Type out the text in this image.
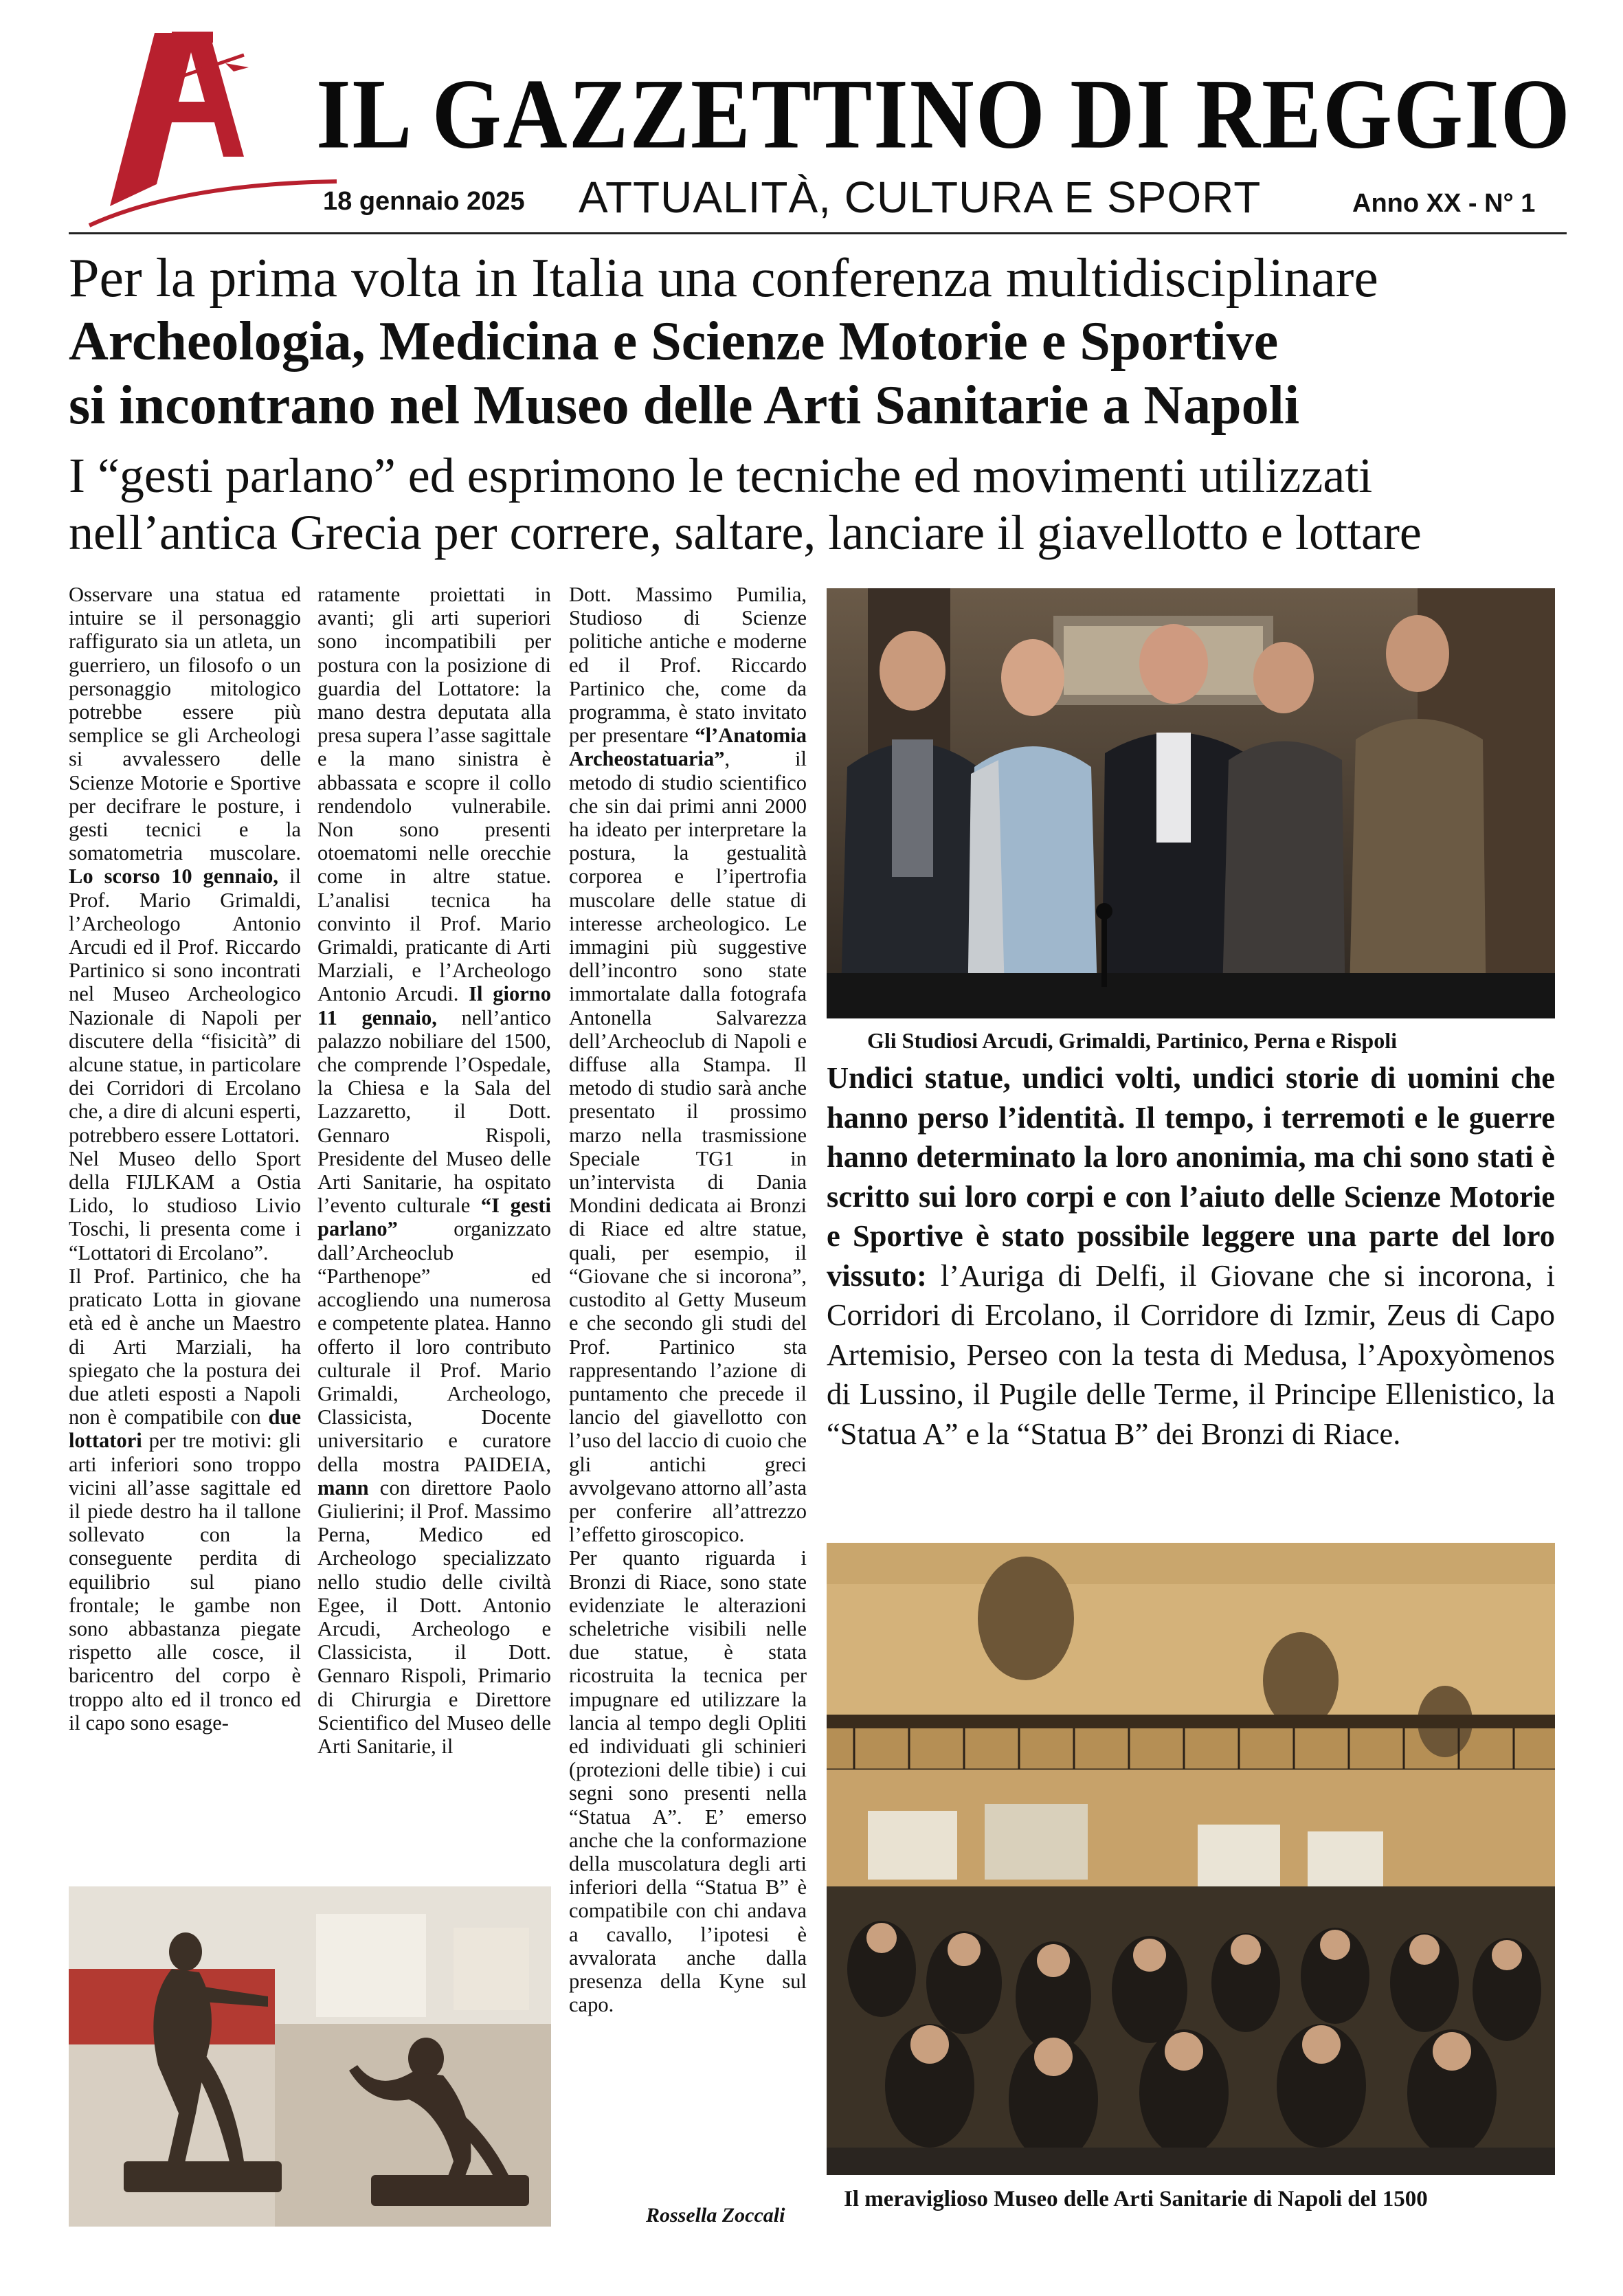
IL GAZZETTINO DI REGGIO
18 gennaio 2025 ATTUALITÀ, CULTURA E SPORT	Anno XX - N° 1
Per la prima volta in Italia una conferenza multidisciplinare
Archeologia, Medicina e Scienze Motorie e Sportive
si incontrano nel Museo delle Arti Sanitarie a Napoli
I “gesti parlano” ed esprimono le tecniche ed movimenti utilizzati
nell’antica Grecia per correre, saltare, lanciare il giavellotto e lottare

Osservare una statua ed intuire se il personaggio raffigurato sia un atleta, un guerriero, un filosofo o un personaggio mitologico potrebbe essere più semplice se gli Archeologi si avvalessero delle Scienze Motorie e Sportive per decifrare le posture, i gesti tecnici e la somatometria muscolare. Lo scorso 10 gennaio, il Prof. Mario Grimaldi, l’Archeologo Antonio Arcudi ed il Prof. Riccardo Partinico si sono incontrati nel Museo Archeologico Nazionale di Napoli per discutere della “fisicità” di alcune statue, in particolare dei Corridori di Ercolano che, a dire di alcuni esperti, potrebbero essere Lottatori.

Nel Museo dello Sport della FIJLKAM a Ostia Lido, lo studioso Livio Toschi, li presenta come i “Lottatori di Ercolano”.

Il Prof. Partinico, che ha praticato Lotta in giovane età ed è anche un Maestro di Arti Marziali, ha spiegato che la postura dei due atleti esposti a Napoli non è compatibile con due lottatori per tre motivi: gli arti inferiori sono troppo vicini all’asse sagittale ed il piede destro ha il tallone sollevato con la conseguente perdita di equilibrio sul piano frontale; le gambe non sono abbastanza piegate rispetto alle cosce, il baricentro del corpo è troppo alto ed il tronco ed il capo sono esage-

ratamente proiettati in avanti; gli arti superiori sono incompatibili per postura con la posizione di guardia del Lottatore: la mano destra deputata alla presa supera l’asse sagittale e la mano sinistra è abbassata e scopre il collo rendendolo vulnerabile. Non sono presenti otoematomi nelle orecchie come in altre statue. L’analisi tecnica ha convinto il Prof. Mario Grimaldi, praticante di Arti Marziali, e l’Archeologo Antonio Arcudi. Il giorno 11 gennaio, nell’antico palazzo nobiliare del 1500, che comprende l’Ospedale, la Chiesa e la Sala del Lazzaretto, il Dott. Gennaro Rispoli, Presidente del Museo delle Arti Sanitarie, ha ospitato l’evento culturale “I gesti parlano” organizzato dall’Archeoclub “Parthenope” ed accogliendo una numerosa e competente platea. Hanno offerto il loro contributo culturale il Prof. Mario Grimaldi, Archeologo, Classicista, Docente universitario e curatore della mostra PAIDEIA, mann con direttore Paolo Giulierini; il Prof. Massimo Perna, Medico ed Archeologo specializzato nello studio delle civiltà Egee, il Dott. Antonio Arcudi, Archeologo e Classicista, il Dott. Gennaro Rispoli, Primario di Chirurgia e Direttore Scientifico del Museo delle Arti Sanitarie, il

Dott. Massimo Pumilia, Studioso di Scienze politiche antiche e moderne ed il Prof. Riccardo Partinico che, come da programma, è stato invitato per presentare “l’Anatomia Archeostatuaria”, il metodo di studio scientifico che sin dai primi anni 2000 ha ideato per interpretare la postura, la gestualità corporea e l’ipertrofia muscolare delle statue di interesse archeologico. Le immagini più suggestive dell’incontro sono state immortalate dalla fotografa Antonella Salvarezza dell’Archeoclub di Napoli e diffuse alla Stampa. Il metodo di studio sarà anche presentato il prossimo marzo nella trasmissione Speciale TG1 in un’intervista di Dania Mondini dedicata ai Bronzi di Riace ed altre statue, quali, per esempio, il “Giovane che si incorona”, custodito al Getty Museum e che secondo gli studi del Prof. Partinico sta rappresentando l’azione di puntamento che precede il lancio del giavellotto con l’uso del laccio di cuoio che gli antichi greci avvolgevano attorno all’asta per conferire all’attrezzo l’effetto giroscopico.

Per quanto riguarda i Bronzi di Riace, sono state evidenziate le alterazioni scheletriche visibili nelle due statue, è stata ricostruita la tecnica per impugnare ed utilizzare la lancia al tempo degli Opliti ed individuati gli schinieri (protezioni delle tibie) i cui segni sono presenti nella “Statua A”. E’ emerso anche che la conformazione della muscolatura degli arti inferiori della “Statua B” è compatibile con chi andava a cavallo, l’ipotesi è avvalorata anche dalla presenza della Kyne sul capo.

Rossella Zoccali
Gli Studiosi Arcudi, Grimaldi, Partinico, Perna e Rispoli
Undici statue, undici volti, undici storie di uomini che hanno perso l’identità. Il tempo, i terremoti e le guerre hanno determinato la loro anonimia, ma chi sono stati è scritto sui loro corpi e con l’aiuto delle Scienze Motorie e Sportive è stato possibile leggere una parte del loro vissuto: l’Auriga di Delfi, il Giovane che si incorona, i Corridori di Ercolano, il Corridore di Izmir, Zeus di Capo Artemisio, Perseo con la testa di Medusa, l’Apoxyòmenos di Lussino, il Pugile delle Terme, il Principe Ellenistico, la “Statua A” e la “Statua B” dei Bronzi di Riace.
Il meraviglioso Museo delle Arti Sanitarie di Napoli del 1500
